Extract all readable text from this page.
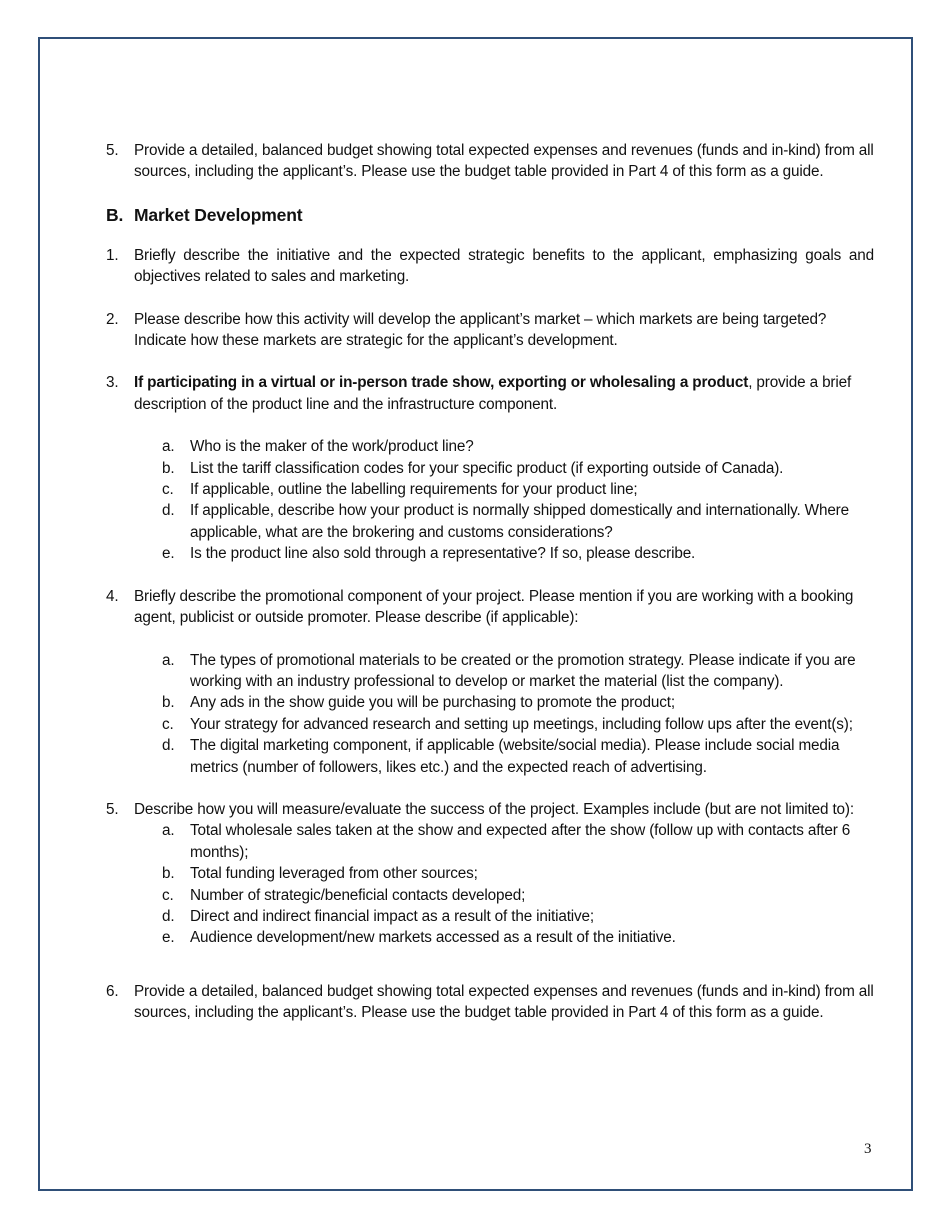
5.	Provide a detailed, balanced budget showing total expected expenses and revenues (funds and in-kind) from all sources, including the applicant’s. Please use the budget table provided in Part 4 of this form as a guide.
B. Market Development
1.	Briefly describe the initiative and the expected strategic benefits to the applicant, emphasizing goals and objectives related to sales and marketing.
2.	Please describe how this activity will develop the applicant’s market – which markets are being targeted? Indicate how these markets are strategic for the applicant’s development.
3.	If participating in a virtual or in-person trade show, exporting or wholesaling a product, provide a brief description of the product line and the infrastructure component.
a.	Who is the maker of the work/product line?
b.	List the tariff classification codes for your specific product (if exporting outside of Canada).
c.	If applicable, outline the labelling requirements for your product line;
d.	If applicable, describe how your product is normally shipped domestically and internationally. Where applicable, what are the brokering and customs considerations?
e.	Is the product line also sold through a representative? If so, please describe.
4.	Briefly describe the promotional component of your project. Please mention if you are working with a booking agent, publicist or outside promoter. Please describe (if applicable):
a.	The types of promotional materials to be created or the promotion strategy. Please indicate if you are working with an industry professional to develop or market the material (list the company).
b.	Any ads in the show guide you will be purchasing to promote the product;
c.	Your strategy for advanced research and setting up meetings, including follow ups after the event(s);
d.	The digital marketing component, if applicable (website/social media). Please include social media metrics (number of followers, likes etc.) and the expected reach of advertising.
5.	Describe how you will measure/evaluate the success of the project. Examples include (but are not limited to):
a.	Total wholesale sales taken at the show and expected after the show (follow up with contacts after 6 months);
b.	Total funding leveraged from other sources;
c.	Number of strategic/beneficial contacts developed;
d.	Direct and indirect financial impact as a result of the initiative;
e.	Audience development/new markets accessed as a result of the initiative.
6.	Provide a detailed, balanced budget showing total expected expenses and revenues (funds and in-kind) from all sources, including the applicant’s. Please use the budget table provided in Part 4 of this form as a guide.
3
